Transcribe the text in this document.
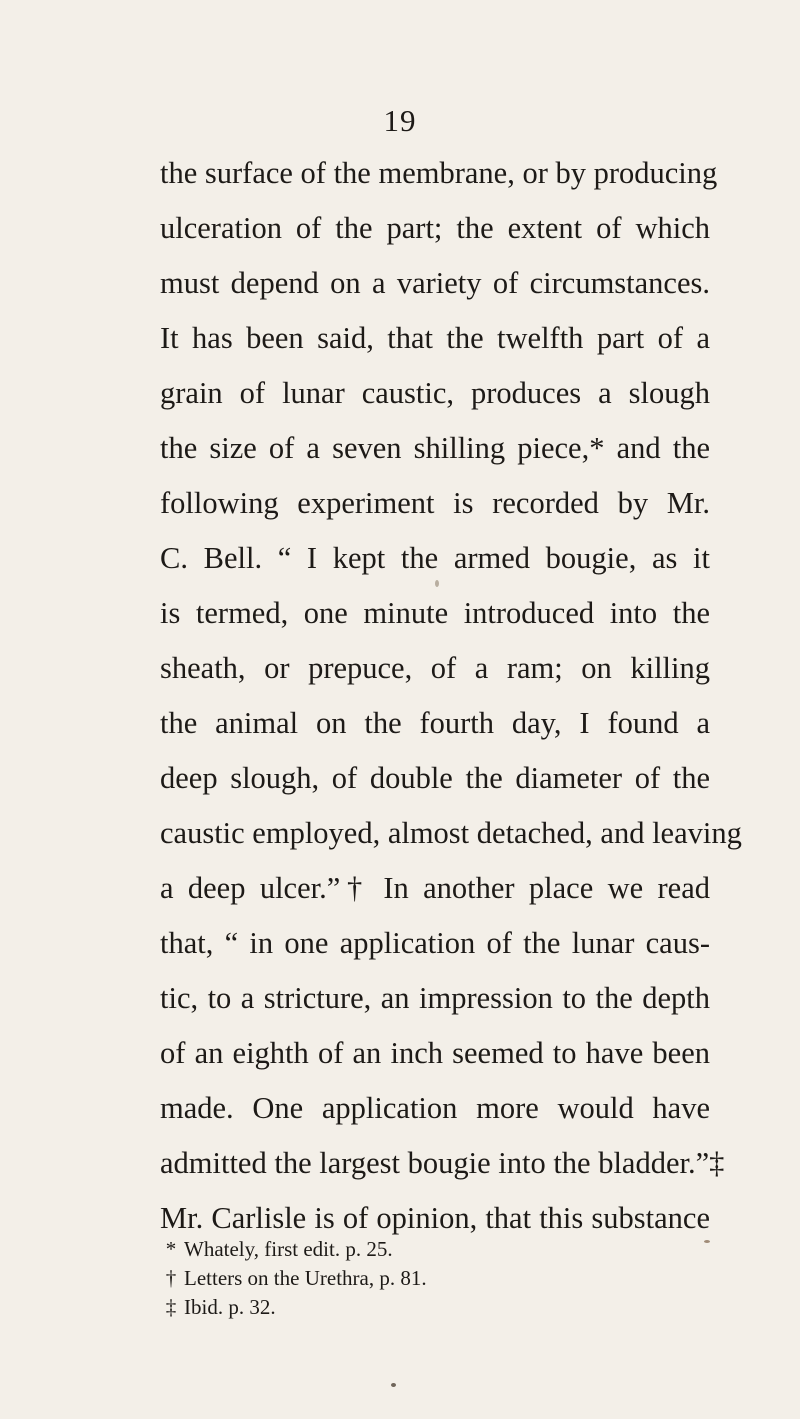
19
the surface of the membrane, or by producing
ulceration of the part; the extent of which
must depend on a variety of circumstances.
It has been said, that the twelfth part of a
grain of lunar caustic, produces a slough
the size of a seven shilling piece,* and the
following experiment is recorded by Mr.
C. Bell. “ I kept the armed bougie, as it
is termed, one minute introduced into the
sheath, or prepuce, of a ram; on killing
the animal on the fourth day, I found a
deep slough, of double the diameter of the
caustic employed, almost detached, and leaving
a deep ulcer.”† In another place we read
that, “ in one application of the lunar caus-
tic, to a stricture, an impression to the depth
of an eighth of an inch seemed to have been
made. One application more would have
admitted the largest bougie into the bladder.”‡
Mr. Carlisle is of opinion, that this substance
* Whately, first edit. p. 25.
† Letters on the Urethra, p. 81.
‡ Ibid. p. 32.
